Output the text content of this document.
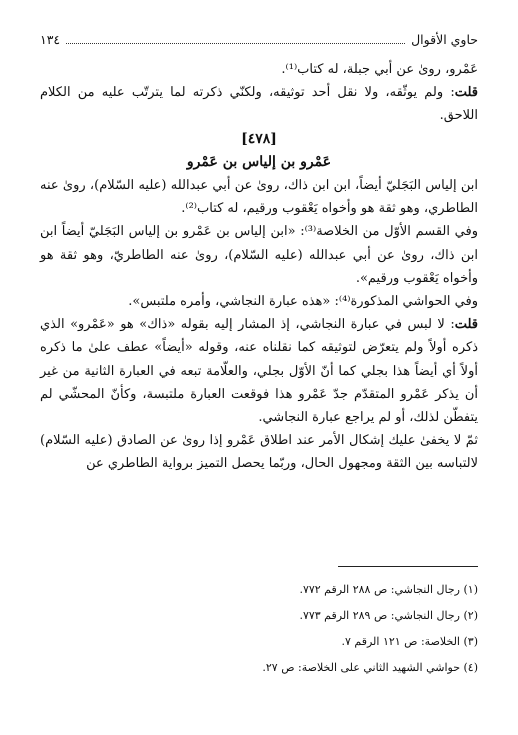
حاوي الأقوال
١٣٤

عَمْرو، رویٰ عن أبي جبلة، له كتاب⁽¹⁾.

قلت: ولم يوثّقه، ولا نقل أحد توثيقه، ولكنّي ذكرته لما يترتّب عليه من الكلام اللاحق.

[٤٧٨]

عَمْرو بن إلياس بن عَمْرو

ابن إلياس البَجَليّ أيضاً، ابن ابن ذاك، روىٰ عن أبي عبدالله (عليه السّلام)، رویٰ عنه الطاطري، وهو ثقة هو وأخواه يَعْقوب ورقيم، له كتاب⁽²⁾.

وفي القسم الأوّل من الخلاصة⁽³⁾: «ابن إلياس بن عَمْرو بن إلياس البَجَليّ أيضاً ابن ابن ذاك، روىٰ عن أبي عبدالله (عليه السّلام)، روىٰ عنه الطاطريّ، وهو ثقة هو وأخواه يَعْقوب ورقيم».

وفي الحواشي المذكورة⁽⁴⁾: «هذه عبارة النجاشي، وأمره ملتبس».

قلت: لا لبس في عبارة النجاشي، إذ المشار إليه بقوله «ذاك» هو «عَمْرو» الذي ذكره أولاً ولم يتعرّض لتوثيقه كما نقلناه عنه، وقوله «أيضاً» عطف علىٰ ما ذكره أولاً أي أيضاً هذا بجلي كما أنّ الأوّل بجلي، والعلّامة تبعه في العبارة الثانية من غير أن يذكر عَمْرو المتقدّم جدّ عَمْرو هذا فوقعت العبارة ملتبسة، وكأنّ المحشّي لم يتفطّن لذلك، أو لم يراجع عبارة النجاشي.

ثمّ لا يخفىٰ عليك إشكال الأمر عند اطلاق عَمْرو إذا روىٰ عن الصادق (عليه السّلام) لالتباسه بين الثقة ومجهول الحال، وربّما يحصل التميز برواية الطاطري عن

(١) رجال النجاشي: ص ٢٨٨ الرقم ٧٧٢.
(٢) رجال النجاشي: ص ٢٨٩ الرقم ٧٧٣.
(٣) الخلاصة: ص ١٢١ الرقم ٧.
(٤) حواشي الشهيد الثاني على الخلاصة: ص ٢٧.
